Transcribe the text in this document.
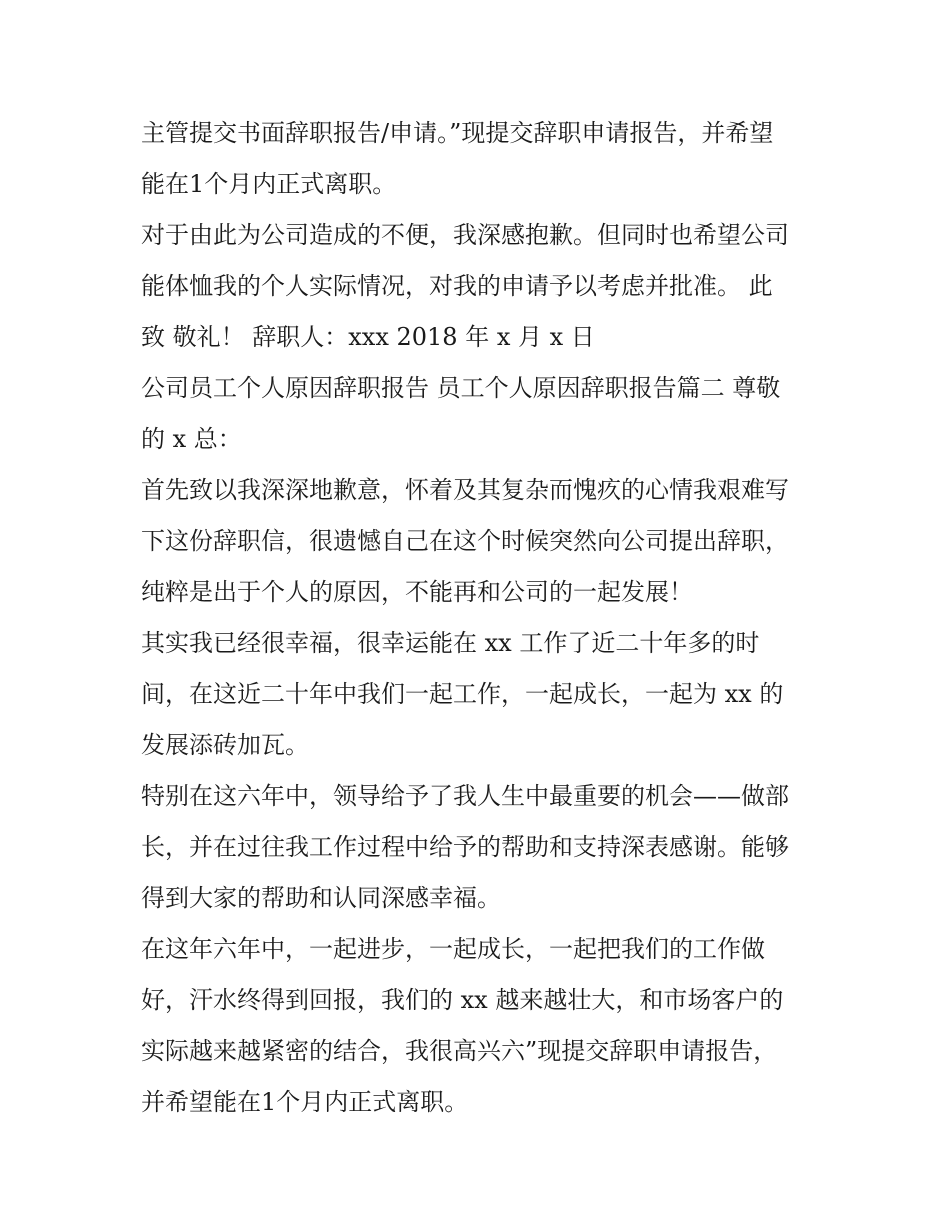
主管提交书面辞职报告/申请。”现提交辞职申请报告，并希望
能在1个月内正式离职。
对于由此为公司造成的不便，我深感抱歉。但同时也希望公司
能体恤我的个人实际情况，对我的申请予以考虑并批准。 此
致 敬礼！ 辞职人：xxx 2018 年 x 月 x 日
公司员工个人原因辞职报告 员工个人原因辞职报告篇二 尊敬
的 x 总：
首先致以我深深地歉意，怀着及其复杂而愧疚的心情我艰难写
下这份辞职信，很遗憾自己在这个时候突然向公司提出辞职，
纯粹是出于个人的原因，不能再和公司的一起发展！
其实我已经很幸福，很幸运能在 xx 工作了近二十年多的时
间，在这近二十年中我们一起工作，一起成长，一起为 xx 的
发展添砖加瓦。
特别在这六年中，领导给予了我人生中最重要的机会——做部
长，并在过往我工作过程中给予的帮助和支持深表感谢。能够
得到大家的帮助和认同深感幸福。
在这年六年中，一起进步，一起成长，一起把我们的工作做
好，汗水终得到回报，我们的 xx 越来越壮大，和市场客户的
实际越来越紧密的结合，我很高兴六”现提交辞职申请报告，
并希望能在1个月内正式离职。
